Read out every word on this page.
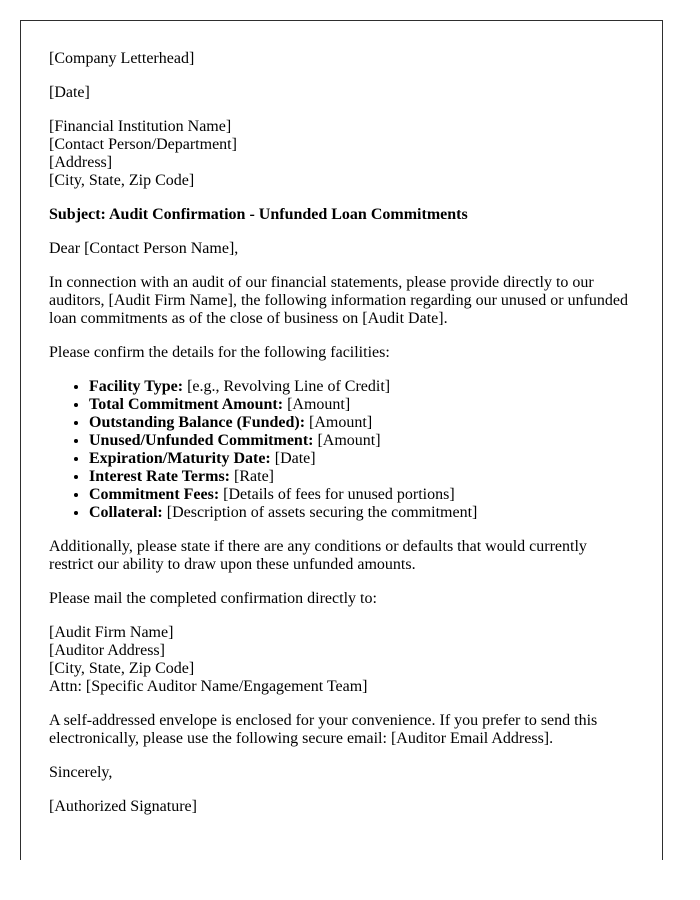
[Company Letterhead]

[Date]

[Financial Institution Name]
[Contact Person/Department]
[Address]
[City, State, Zip Code]

Subject: Audit Confirmation - Unfunded Loan Commitments

Dear [Contact Person Name],

In connection with an audit of our financial statements, please provide directly to our auditors, [Audit Firm Name], the following information regarding our unused or unfunded loan commitments as of the close of business on [Audit Date].

Please confirm the details for the following facilities:

• Facility Type: [e.g., Revolving Line of Credit]
• Total Commitment Amount: [Amount]
• Outstanding Balance (Funded): [Amount]
• Unused/Unfunded Commitment: [Amount]
• Expiration/Maturity Date: [Date]
• Interest Rate Terms: [Rate]
• Commitment Fees: [Details of fees for unused portions]
• Collateral: [Description of assets securing the commitment]

Additionally, please state if there are any conditions or defaults that would currently restrict our ability to draw upon these unfunded amounts.

Please mail the completed confirmation directly to:

[Audit Firm Name]
[Auditor Address]
[City, State, Zip Code]
Attn: [Specific Auditor Name/Engagement Team]

A self-addressed envelope is enclosed for your convenience. If you prefer to send this electronically, please use the following secure email: [Auditor Email Address].

Sincerely,

[Authorized Signature]
